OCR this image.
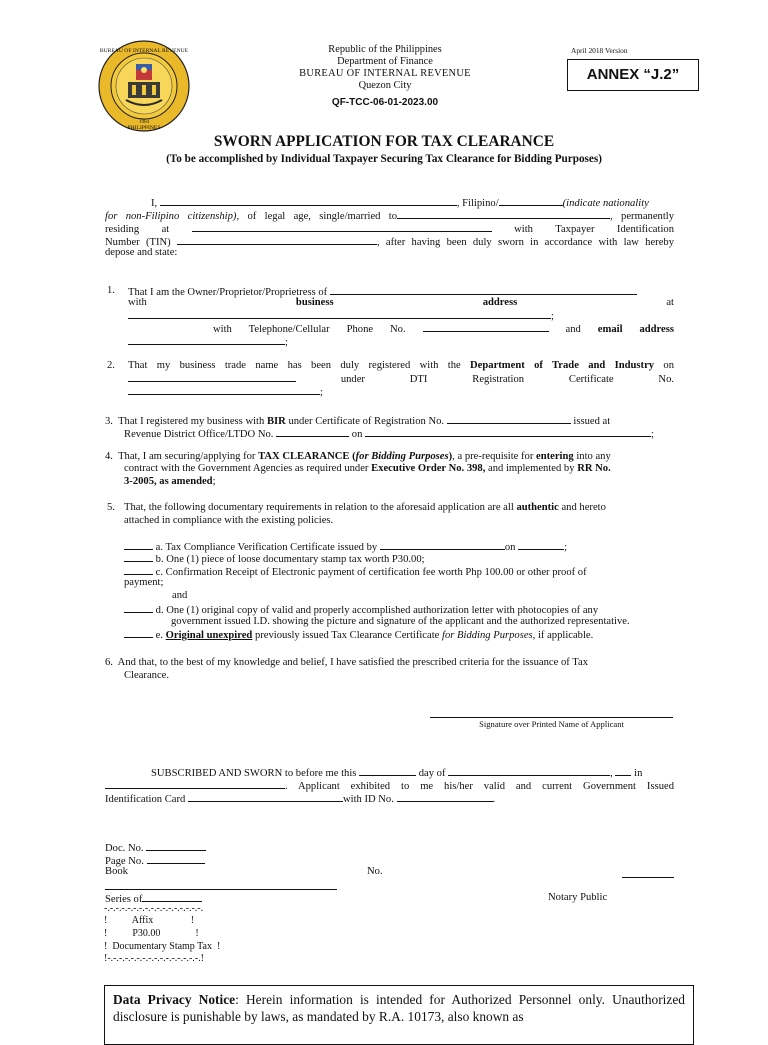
1904
BUREAU OF INTERNAL REVENUE
PHILIPPINES
Republic of the Philippines
Department of Finance
BUREAU OF INTERNAL REVENUE
Quezon City
QF-TCC-06-01-2023.00
April 2018 Version
ANNEX “J.2”
SWORN APPLICATION FOR TAX CLEARANCE
(To be accomplished by Individual Taxpayer Securing Tax Clearance for Bidding Purposes)
I,	, Filipino/	(indicate nationality
for non-Filipino citizenship), of legal age, single/married to	, permanently
residing at	with Taxpayer Identification
Number (TIN)	, after having been duly sworn in accordance with law hereby
depose and state:
1. That I am the Owner/Proprietor/Proprietress of
with	business	address	at
;
with Telephone/Cellular Phone No.	and email address
;
2. That my business trade name has been duly registered with the Department of Trade and Industry on
under	DTI	Registration	Certificate	No.
;
3. That I registered my business with BIR under Certificate of Registration No.	issued at
Revenue District Office/LTDO No.	on	;
4. That, I am securing/applying for TAX CLEARANCE (for Bidding Purposes), a pre-requisite for entering into any
contract with the Government Agencies as required under Executive Order No. 398, and implemented by RR No.
3-2005, as amended;
5. That, the following documentary requirements in relation to the aforesaid application are all authentic and hereto
attached in compliance with the existing policies.
a. Tax Compliance Verification Certificate issued by	on	;
b. One (1) piece of loose documentary stamp tax worth P30.00;
c. Confirmation Receipt of Electronic payment of certification fee worth Php 100.00 or other proof of
payment;
and
d. One (1) original copy of valid and properly accomplished authorization letter with photocopies of any
government issued I.D. showing the picture and signature of the applicant and the authorized representative.
e. Original unexpired previously issued Tax Clearance Certificate for Bidding Purposes, if applicable.
6. And that, to the best of my knowledge and belief, I have satisfied the prescribed criteria for the issuance of Tax
Clearance.
Signature over Printed Name of Applicant
SUBSCRIBED AND SWORN to before me this	day of	, in
. Applicant exhibited to me his/her valid and current Government Issued
Identification Card	with ID No.	.
Doc. No.
Page No.
Book	No.
Series of	Notary Public
-.-.-.-.-.-.-.-.-.-.-.-.-.-.-.-.-.
!          Affix               !
!          P30.00              !
!  Documentary Stamp Tax  !
!-.-.-.-.-.-.-.-.-.-.-.-.-.-.-.-.!
Data Privacy Notice: Herein information is intended for Authorized Personnel only. Unauthorized disclosure is punishable by laws, as mandated by R.A. 10173, also known as
